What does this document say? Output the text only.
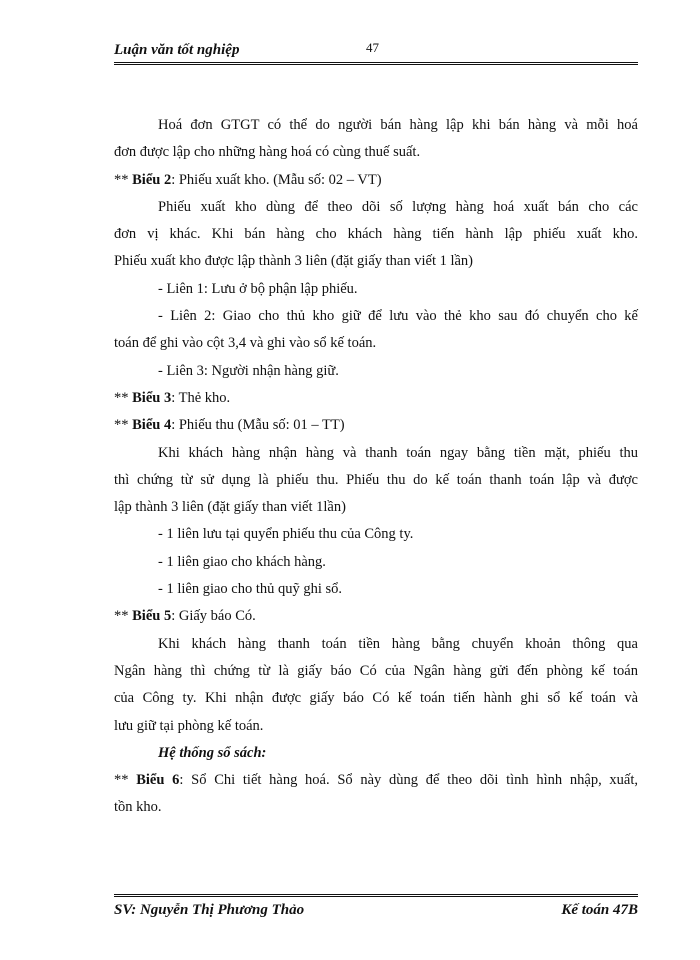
Luận văn tốt nghiệp	47

Hoá đơn GTGT có thể do người bán hàng lập khi bán hàng và mỗi hoá

đơn được lập cho những hàng hoá có cùng thuế suất.

** Biểu 2: Phiếu xuất kho. (Mẫu số: 02 – VT)

Phiếu xuất kho dùng để theo dõi số lượng hàng hoá xuất bán cho các

đơn vị khác. Khi bán hàng cho khách hàng tiến hành lập phiếu xuất kho.

Phiếu xuất kho được lập thành 3 liên (đặt giấy than viết 1 lần)

- Liên 1: Lưu ở bộ phận lập phiếu.

- Liên 2: Giao cho thủ kho giữ để lưu vào thẻ kho sau đó chuyển cho kế

toán để ghi vào cột 3,4 và ghi vào sổ kế toán.

- Liên 3: Người nhận hàng giữ.

** Biểu 3: Thẻ kho.

** Biểu 4: Phiếu thu (Mẫu số: 01 – TT)

Khi khách hàng nhận hàng và thanh toán ngay bằng tiền mặt, phiếu thu

thì chứng từ sử dụng là phiếu thu. Phiếu thu do kế toán thanh toán lập và được

lập thành 3 liên (đặt giấy than viết 1lần)

- 1 liên lưu tại quyển phiếu thu của Công ty.

- 1 liên giao cho khách hàng.

- 1 liên giao cho thủ quỹ ghi sổ.

** Biểu 5: Giấy báo Có.

Khi khách hàng thanh toán tiền hàng bằng chuyển khoản thông qua

Ngân hàng thì chứng từ là giấy báo Có của Ngân hàng gửi đến phòng kế toán

của Công ty. Khi nhận được giấy báo Có kế toán tiến hành ghi sổ kế toán và

lưu giữ tại phòng kế toán.

Hệ thống sổ sách:

** Biểu 6: Sổ Chi tiết hàng hoá. Sổ này dùng để theo dõi tình hình nhập, xuất,

tồn kho.

SV: Nguyễn Thị Phương Thảo	Kế toán 47B
